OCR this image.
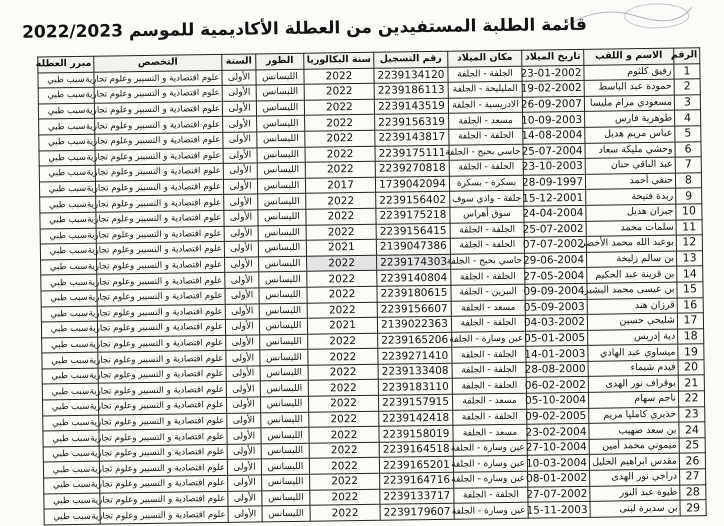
قائمة الطلبة المستفيدين من العطلة الأكاديمية للموسم 2022/2023
الرقم	الاسم و اللقب	تاريخ الميلاد	مكان الميلاد	رقم التسجيل	سنة البكالوريا	الطور	السنة	التخصص	مبرر العطلة
1	رفيق كلثوم	23-01-2002	الجلفة - الجلفة	2239134120	2022	الليسانس	الأولى	علوم اقتصادية و التسيير وعلوم تجارية	سبب طبي
2	حمودة عبد الباسط	19-02-2002	المليليحة - الجلفة	2239186113	2022	الليسانس	الأولى	علوم اقتصادية و التسيير وعلوم تجارية	سبب طبي
3	مسعودي مرام مليسا	26-09-2007	الادريسية - الجلفة	2239143519	2022	الليسانس	الأولى	علوم اقتصادية و التسيير وعلوم تجارية	سبب طبي
4	طوهرية فارس	10-09-2003	مسعد - الجلفة	2239156319	2022	الليسانس	الأولى	علوم اقتصادية و التسيير وعلوم تجارية	سبب طبي
5	عباس مريم هديل	14-08-2004	الجلفة - الجلفة	2239143817	2022	الليسانس	الأولى	علوم اقتصادية و التسيير وعلوم تجارية	سبب طبي
6	وحشي مليكة سعاد	25-07-2004	حاسي بحبح - الجلفة	2239175111	2022	الليسانس	الأولى	علوم اقتصادية و التسيير وعلوم تجارية	سبب طبي
7	عبد الباقي حنان	23-10-2003	الجلفة - الجلفة	2239270818	2022	الليسانس	الأولى	علوم اقتصادية و التسيير وعلوم تجارية	سبب طبي
8	حنفي أحمد	28-09-1997	بسكرة - بسكرة	1739042094	2017	الليسانس	الأولى	علوم اقتصادية و التسيير وعلوم تجارية	سبب طبي
9	ربدة فتيحة	15-12-2001	جلفة - وادي سوف	2239156402	2022	الليسانس	الأولى	علوم اقتصادية و التسيير وعلوم تجارية	سبب طبي
10	جبران هديل	24-04-2004	سوق أهراس	2239175218	2022	الليسانس	الأولى	علوم اقتصادية و التسيير وعلوم تجارية	سبب طبي
11	سلمات محمد	25-07-2002	الجلفة - الجلفة	2239156415	2022	الليسانس	الأولى	علوم اقتصادية و التسيير وعلوم تجارية	سبب طبي
12	بوعبد الله محمد الأخضر	07-07-2002	الجلفة - الجلفة	2139047386	2021	الليسانس	الأولى	علوم اقتصادية و التسيير وعلوم تجارية	سبب طبي
13	بن سالم زليخة	29-06-2004	حاسي بحبح - الجلفة	2239174303	2022	الليسانس	الأولى	علوم اقتصادية و التسيير وعلوم تجارية	سبب طبي
14	بن قرينة عبد الحكيم	27-05-2004	الجلفة - الجلفة	2239140804	2022	الليسانس	الأولى	علوم اقتصادية و التسيير وعلوم تجارية	سبب طبي
15	بن عيسى محمد البشير	09-09-2004	البيرين - الجلفة	2239180615	2022	الليسانس	الأولى	علوم اقتصادية و التسيير وعلوم تجارية	سبب طبي
16	قرزان هند	05-09-2003	مسعد - الجلفة	2239156607	2022	الليسانس	الأولى	علوم اقتصادية و التسيير وعلوم تجارية	سبب طبي
17	شليحي حسين	04-03-2002	الجلفة - الجلفة	2139022363	2021	الليسانس	الأولى	علوم اقتصادية و التسيير وعلوم تجارية	سبب طبي
18	دية إدريس	05-01-2005	عين وسارة - الجلفة	2239165206	2022	الليسانس	الأولى	علوم اقتصادية و التسيير وعلوم تجارية	سبب طبي
19	ميساوي عبد الهادي	14-01-2003	الجلفة - الجلفة	2239271410	2022	الليسانس	الأولى	علوم اقتصادية و التسيير وعلوم تجارية	سبب طبي
20	فيدم شيماء	28-08-2000	الجلفة - الجلفة	2239133408	2022	الليسانس	الأولى	علوم اقتصادية و التسيير وعلوم تجارية	سبب طبي
21	بوقراف نور الهدى	06-02-2002	الجلفة - الجلفة	2239183110	2022	الليسانس	الأولى	علوم اقتصادية و التسيير وعلوم تجارية	سبب طبي
22	ناجم سهام	05-10-2004	مسعد - الجلفة	2239157915	2022	الليسانس	الأولى	علوم اقتصادية و التسيير وعلوم تجارية	سبب طبي
23	خذيري كامليا مريم	09-02-2005	الجلفة - الجلفة	2239142418	2022	الليسانس	الأولى	علوم اقتصادية و التسيير وعلوم تجارية	سبب طبي
24	بن سعد صهيب	23-02-2004	مسعد - الجلفة	2239158019	2022	الليسانس	الأولى	علوم اقتصادية و التسيير وعلوم تجارية	سبب طبي
25	ميموني محمد أمين	27-10-2004	عين وسارة - الجلفة	2239164518	2022	الليسانس	الأولى	علوم اقتصادية و التسيير وعلوم تجارية	سبب طبي
26	مقدس ابراهيم الخليل	10-03-2004	عين وسارة - الجلفة	2239165201	2022	الليسانس	الأولى	علوم اقتصادية و التسيير وعلوم تجارية	سبب طبي
27	دراجي نور الهدى	08-01-2002	عين وسارة - الجلفة	2239164716	2022	الليسانس	الأولى	علوم اقتصادية و التسيير وعلوم تجارية	سبب طبي
28	طيوة عبد النور	27-07-2002	الجلفة - الجلفة	2239133717	2022	الليسانس	الأولى	علوم اقتصادية و التسيير وعلوم تجارية	سبب طبي
29	بن سديرة لبنى	15-11-2003	عين وسارة - الجلفة	2239179607	2022	الليسانس	الأولى	علوم اقتصادية و التسيير وعلوم تجارية	سبب طبي
